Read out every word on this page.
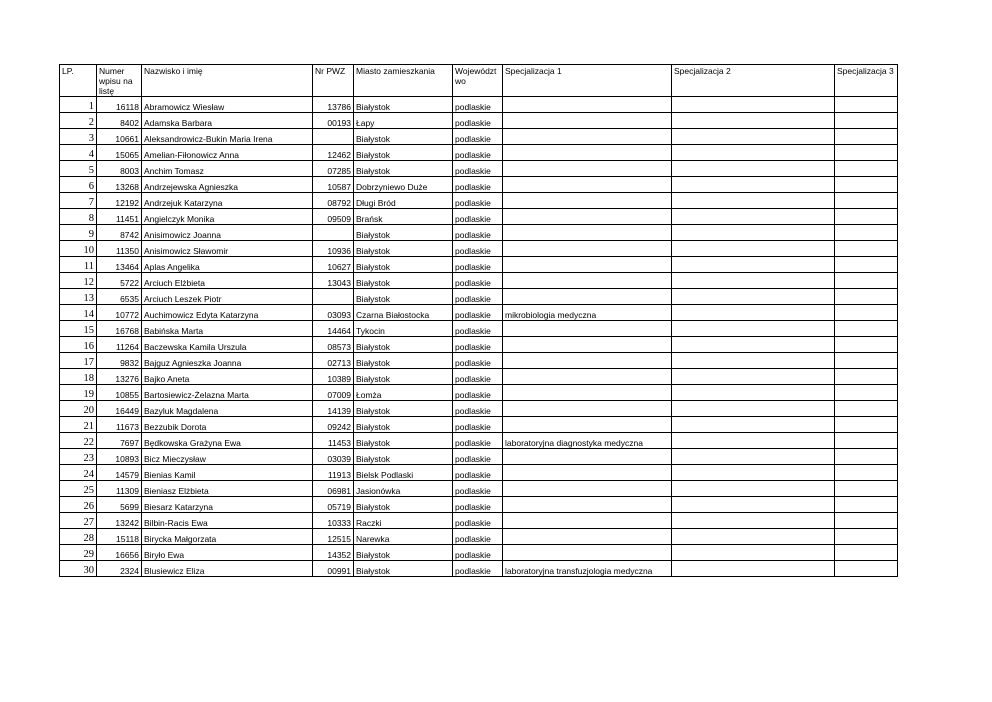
LP.	Numer wpisu na listę	Nazwisko i imię	Nr PWZ	Miasto zamieszkania	Województwo	Specjalizacja 1	Specjalizacja 2	Specjalizacja 3
1	16118	Abramowicz Wiesław	13786	Białystok	podlaskie			
2	8402	Adamska Barbara	00193	Łapy	podlaskie			
3	10661	Aleksandrowicz-Bukin Maria Irena		Białystok	podlaskie			
4	15065	Amelian-Fiłonowicz Anna	12462	Białystok	podlaskie			
5	8003	Anchim Tomasz	07285	Białystok	podlaskie			
6	13268	Andrzejewska Agnieszka	10587	Dobrzyniewo Duże	podlaskie			
7	12192	Andrzejuk Katarzyna	08792	Długi Bród	podlaskie			
8	11451	Angielczyk Monika	09509	Brańsk	podlaskie			
9	8742	Anisimowicz Joanna		Białystok	podlaskie			
10	11350	Anisimowicz Sławomir	10936	Białystok	podlaskie			
11	13464	Aplas Angelika	10627	Białystok	podlaskie			
12	5722	Arciuch Elżbieta	13043	Białystok	podlaskie			
13	6535	Arciuch Leszek Piotr		Białystok	podlaskie			
14	10772	Auchimowicz Edyta Katarzyna	03093	Czarna Białostocka	podlaskie	mikrobiologia medyczna		
15	16768	Babińska Marta	14464	Tykocin	podlaskie			
16	11264	Baczewska Kamila Urszula	08573	Białystok	podlaskie			
17	9832	Bajguz Agnieszka Joanna	02713	Białystok	podlaskie			
18	13276	Bajko Aneta	10389	Białystok	podlaskie			
19	10855	Bartosiewicz-Żelazna Marta	07009	Łomża	podlaskie			
20	16449	Bazyluk Magdalena	14139	Białystok	podlaskie			
21	11673	Bezzubik Dorota	09242	Białystok	podlaskie			
22	7697	Będkowska Grażyna Ewa	11453	Białystok	podlaskie	laboratoryjna diagnostyka medyczna		
23	10893	Bicz Mieczysław	03039	Białystok	podlaskie			
24	14579	Bienias Kamil	11913	Bielsk Podlaski	podlaskie			
25	11309	Bieniasz Elżbieta	06981	Jasionówka	podlaskie			
26	5699	Biesarz Katarzyna	05719	Białystok	podlaskie			
27	13242	Bilbin-Racis Ewa	10333	Raczki	podlaskie			
28	15118	Birycka Małgorzata	12515	Narewka	podlaskie			
29	16656	Biryło Ewa	14352	Białystok	podlaskie			
30	2324	Blusiewicz Eliza	00991	Białystok	podlaskie	laboratoryjna transfuzjologia medyczna		
